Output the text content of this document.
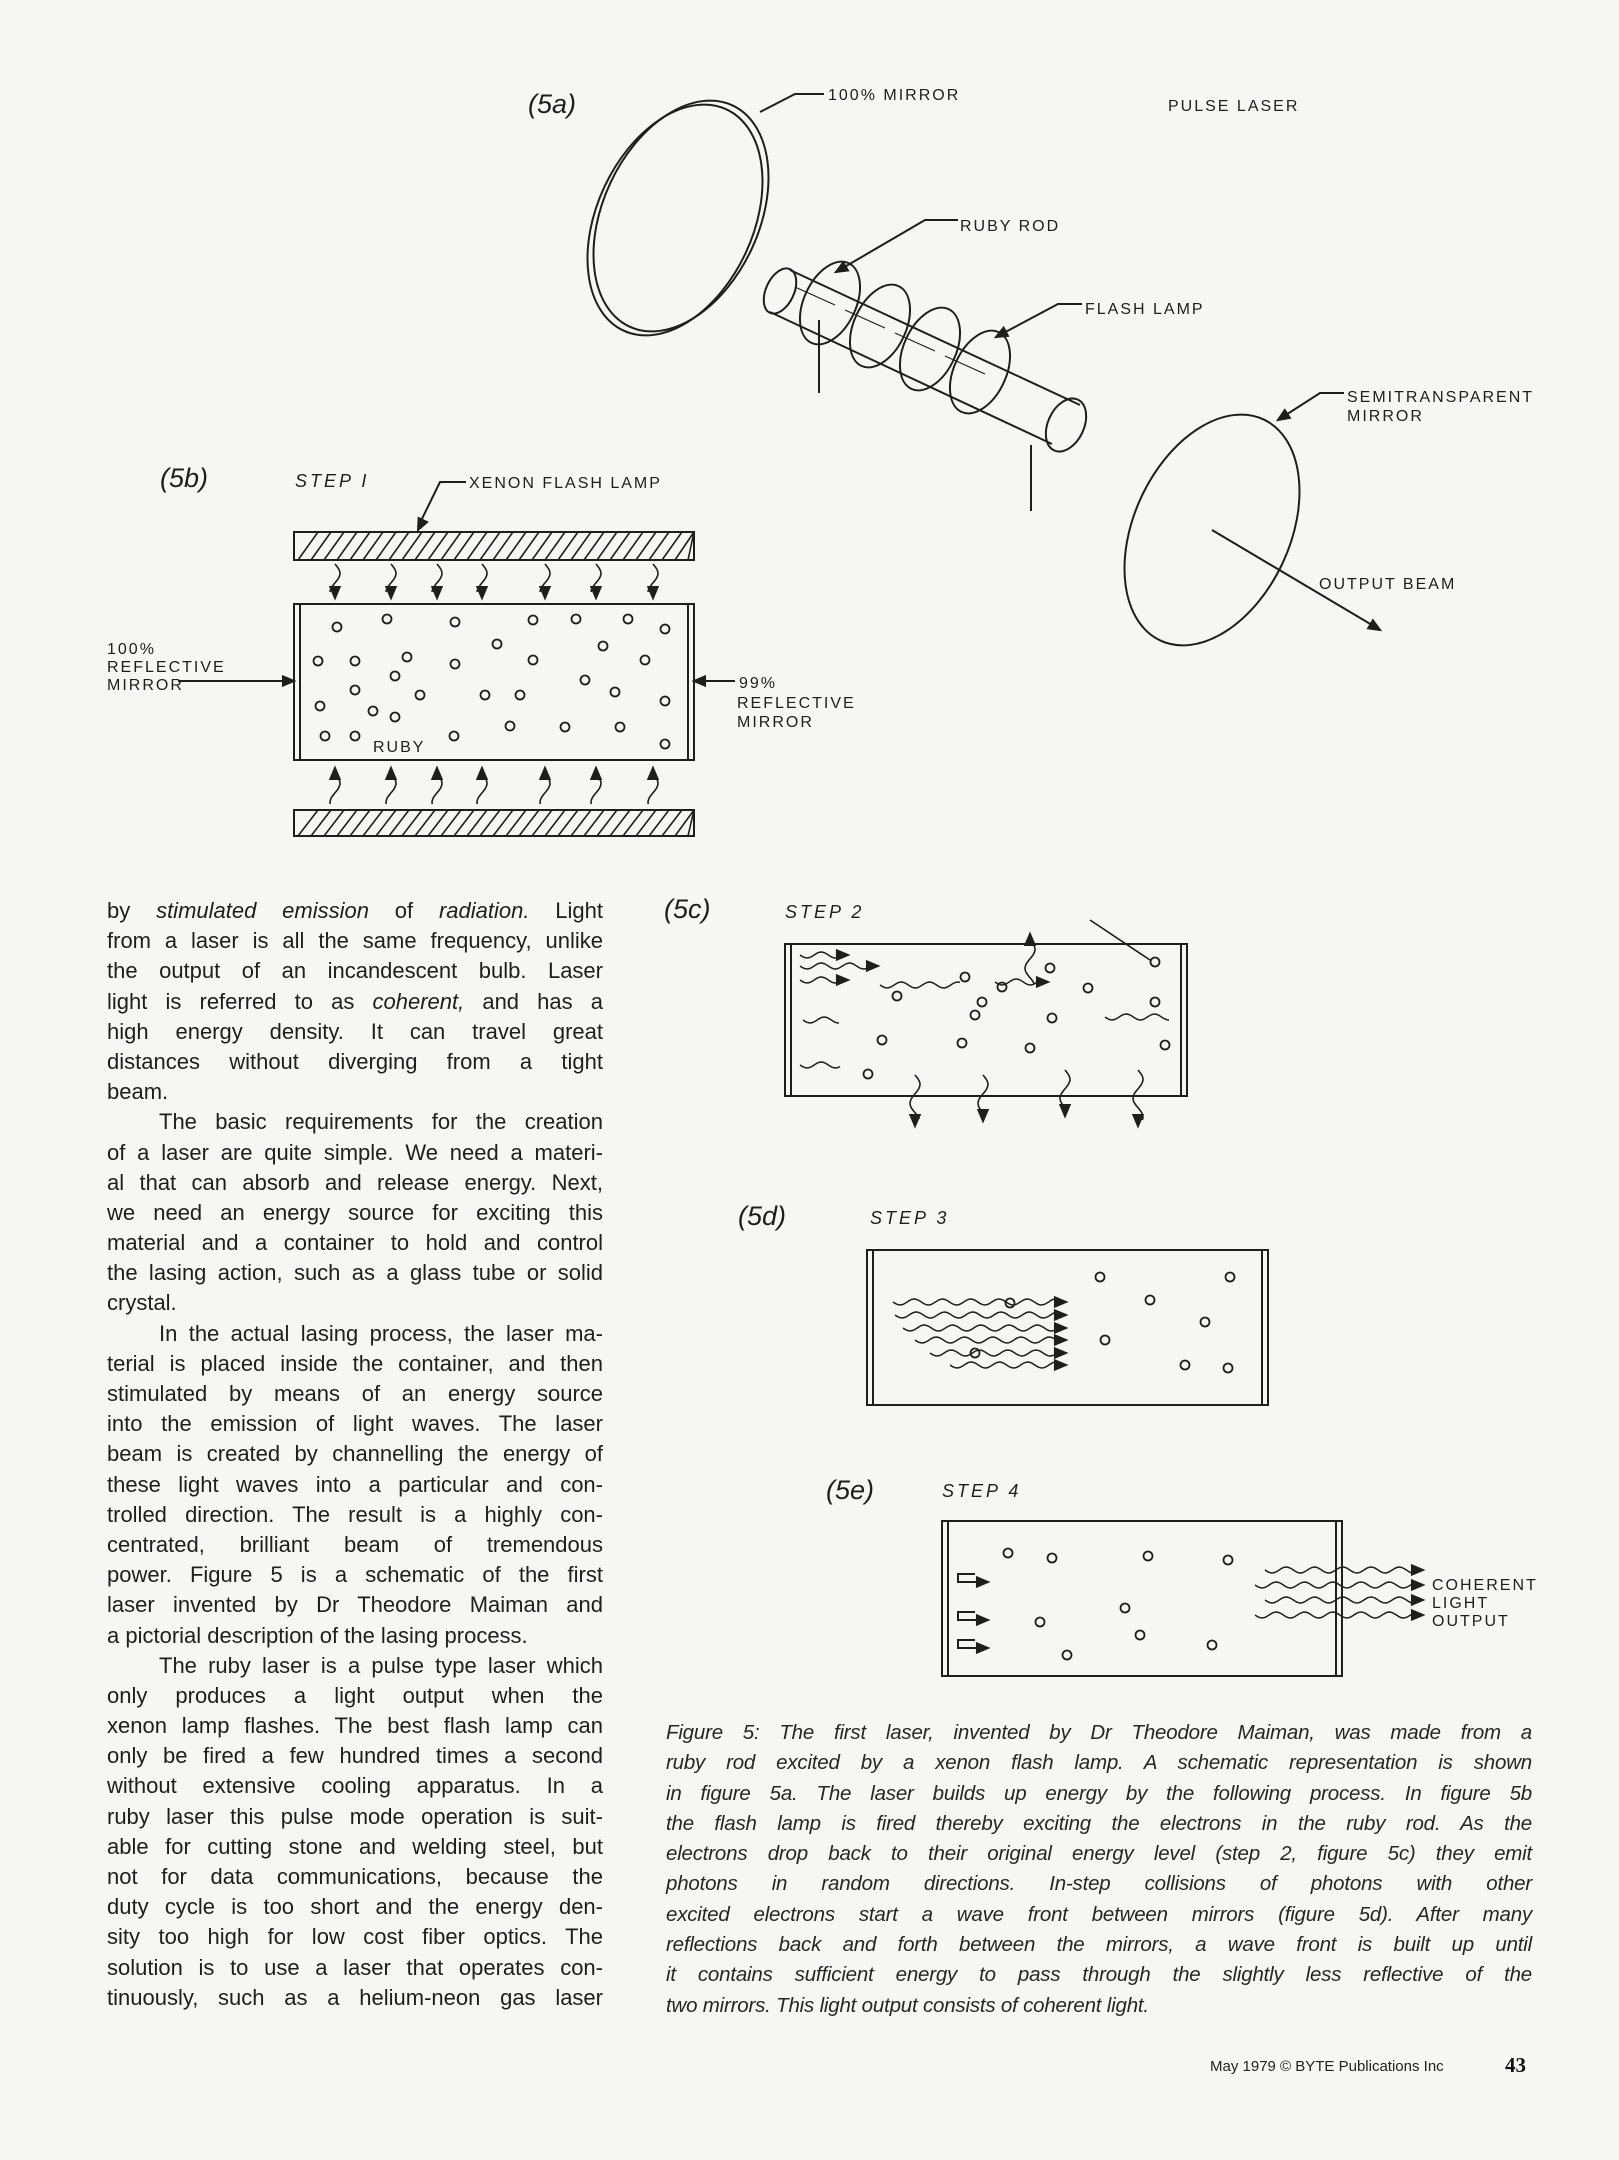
(5a)	100% MIRROR
PULSE LASER
RUBY ROD
FLASH LAMP
SEMITRANSPARENT
MIRROR
OUTPUT BEAM
(5b)	STEP I	XENON FLASH LAMP
100%
REFLECTIVE
MIRROR	99%
REFLECTIVE
MIRROR
RUBY
(5c)	STEP 2
(5d)	STEP 3
(5e)	STEP 4
COHERENT
LIGHT
OUTPUT
by stimulated emission of radiation. Light
from a laser is all the same frequency, unlike
the output of an incandescent bulb. Laser
light is referred to as coherent, and has a
high energy density. It can travel great
distances without diverging from a tight
beam.
The basic requirements for the creation
of a laser are quite simple. We need a materi-
al that can absorb and release energy. Next,
we need an energy source for exciting this
material and a container to hold and control
the lasing action, such as a glass tube or solid
crystal.
In the actual lasing process, the laser ma-
terial is placed inside the container, and then
stimulated by means of an energy source
into the emission of light waves. The laser
beam is created by channelling the energy of
these light waves into a particular and con-
trolled direction. The result is a highly con-
centrated, brilliant beam of tremendous
power. Figure 5 is a schematic of the first
laser invented by Dr Theodore Maiman and
a pictorial description of the lasing process.
The ruby laser is a pulse type laser which
only produces a light output when the
xenon lamp flashes. The best flash lamp can
only be fired a few hundred times a second
without extensive cooling apparatus. In a
ruby laser this pulse mode operation is suit-
able for cutting stone and welding steel, but
not for data communications, because the
duty cycle is too short and the energy den-
sity too high for low cost fiber optics. The
solution is to use a laser that operates con-
tinuously, such as a helium-neon gas laser
Figure 5: The first laser, invented by Dr Theodore Maiman, was made from a
ruby rod excited by a xenon flash lamp. A schematic representation is shown
in figure 5a. The laser builds up energy by the following process. In figure 5b
the flash lamp is fired thereby exciting the electrons in the ruby rod. As the
electrons drop back to their original energy level (step 2, figure 5c) they emit
photons in random directions. In-step collisions of photons with other
excited electrons start a wave front between mirrors (figure 5d). After many
reflections back and forth between the mirrors, a wave front is built up until
it contains sufficient energy to pass through the slightly less reflective of the
two mirrors. This light output consists of coherent light.
May 1979 © BYTE Publications Inc	43
